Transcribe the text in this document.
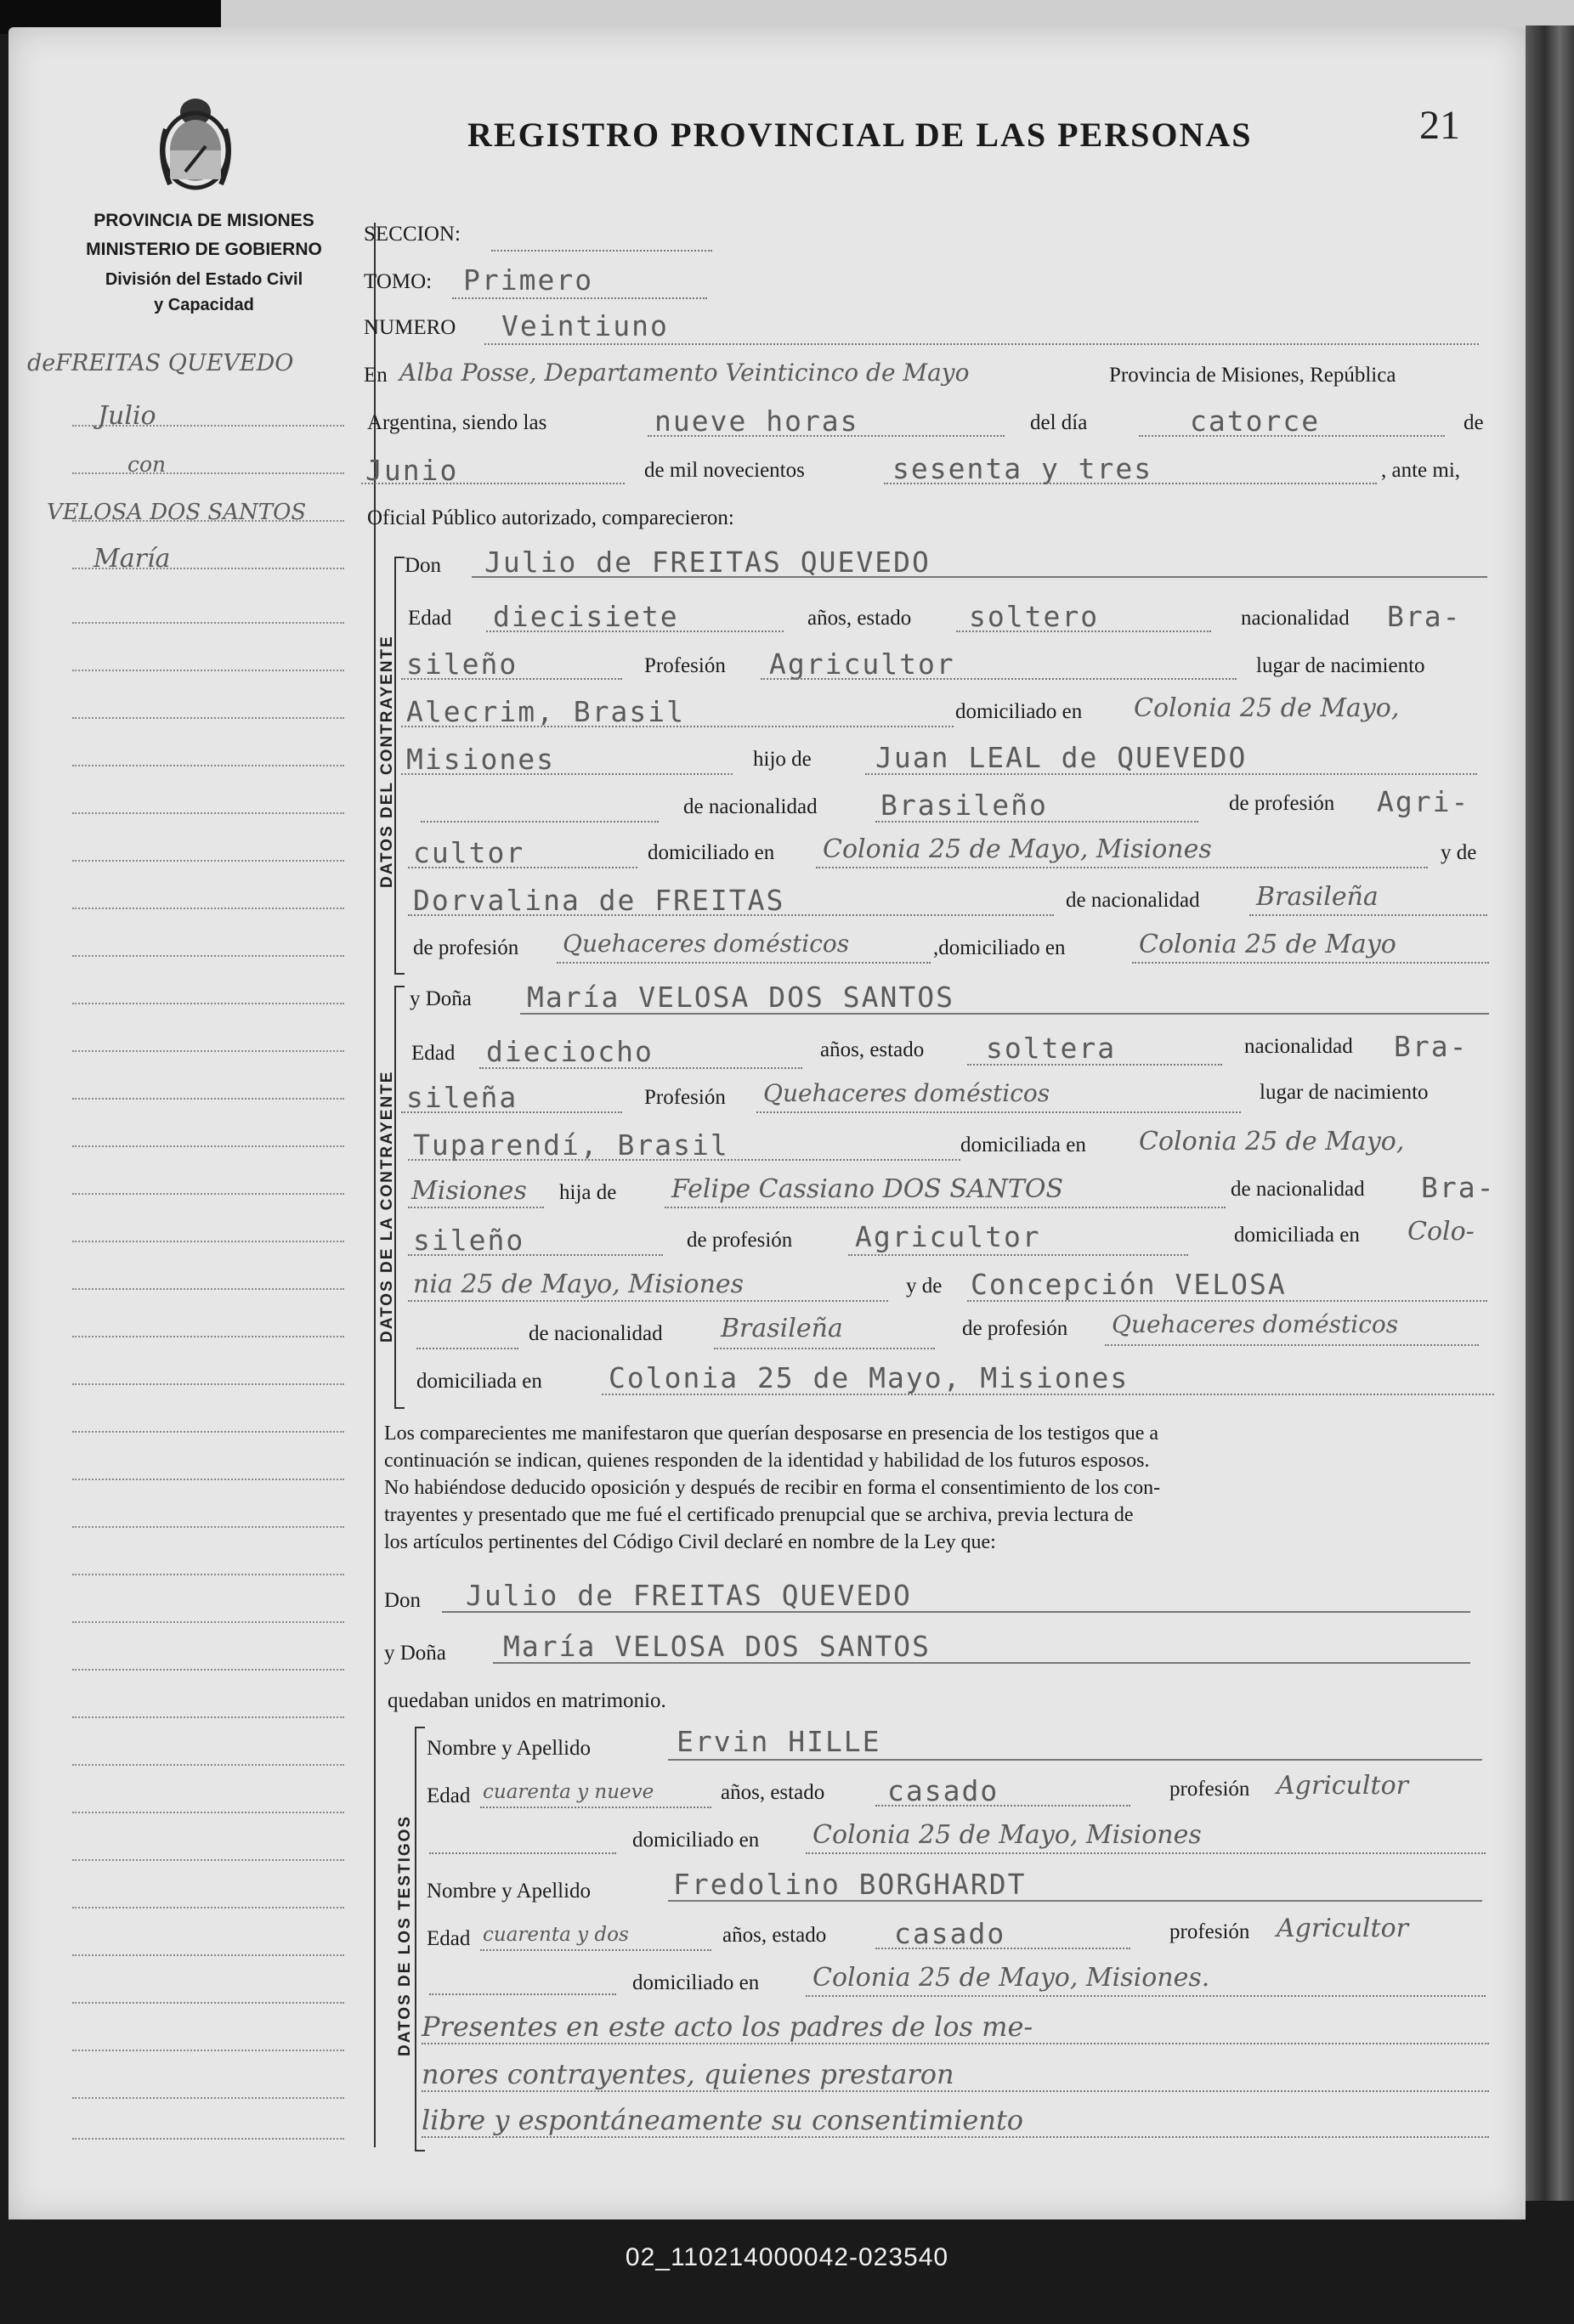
REGISTRO PROVINCIAL DE LAS PERSONAS	21
PROVINCIA DE MISIONES
MINISTERIO DE GOBIERNO
División del Estado Civil
y Capacidad
deFREITAS QUEVEDO
Julio
con
VELOSA DOS SANTOS
María
SECCION:
TOMO: Primero
NUMERO Veintiuno
En Alba Posse, Departamento Veinticinco de Mayo	Provincia de Misiones, República
Argentina, siendo las	nueve horas	del día	catorce	de
Junio	de mil novecientos	sesenta y tres	, ante mi,
Oficial Público autorizado, comparecieron:
DATOS DEL CONTRAYENTE
Don Julio de FREITAS QUEVEDO
Edad diecisiete	años, estado soltero	nacionalidad Bra-
sileño	Profesión Agricultor	lugar de nacimiento
Alecrim, Brasil	domiciliado en Colonia 25 de Mayo,
Misiones	hijo de Juan LEAL de QUEVEDO
de nacionalidad Brasileño	de profesión Agri-
cultor	domiciliado en Colonia 25 de Mayo, Misiones	y de
Dorvalina de FREITAS	de nacionalidad Brasileña
de profesión Quehaceres domésticos	,domiciliado en	Colonia 25 de Mayo
DATOS DE LA CONTRAYENTE
y Doña María VELOSA DOS SANTOS
Edad dieciocho	años, estado soltera	nacionalidad Bra-
sileña	Profesión Quehaceres domésticos	lugar de nacimiento
Tuparendí, Brasil	domiciliada en Colonia 25 de Mayo,
Misiones hija de Felipe Cassiano DOS SANTOS	de nacionalidad Bra-
sileño	de profesión Agricultor	domiciliada en Colo-
nia 25 de Mayo, Misiones	y de Concepción VELOSA
de nacionalidad Brasileña	de profesión Quehaceres domésticos
domiciliada en Colonia 25 de Mayo, Misiones
Los comparecientes me manifestaron que querían desposarse en presencia de los testigos que a
continuación se indican, quienes responden de la identidad y habilidad de los futuros esposos.
No habiéndose deducido oposición y después de recibir en forma el consentimiento de los con-
trayentes y presentado que me fué el certificado prenupcial que se archiva, previa lectura de
los artículos pertinentes del Código Civil declaré en nombre de la Ley que:
Don Julio de FREITAS QUEVEDO
y Doña María VELOSA DOS SANTOS
quedaban unidos en matrimonio.
DATOS DE LOS TESTIGOS
Nombre y Apellido	Ervin HILLE
Edad cuarenta y nueve	años, estado casado	profesión Agricultor
domiciliado en Colonia 25 de Mayo, Misiones
Nombre y Apellido	Fredolino BORGHARDT
Edad cuarenta y dos	años, estado casado	profesión Agricultor
domiciliado en Colonia 25 de Mayo, Misiones.
Presentes en este acto los padres de los me-
nores contrayentes, quienes prestaron
libre y espontáneamente su consentimiento
02_110214000042-023540
